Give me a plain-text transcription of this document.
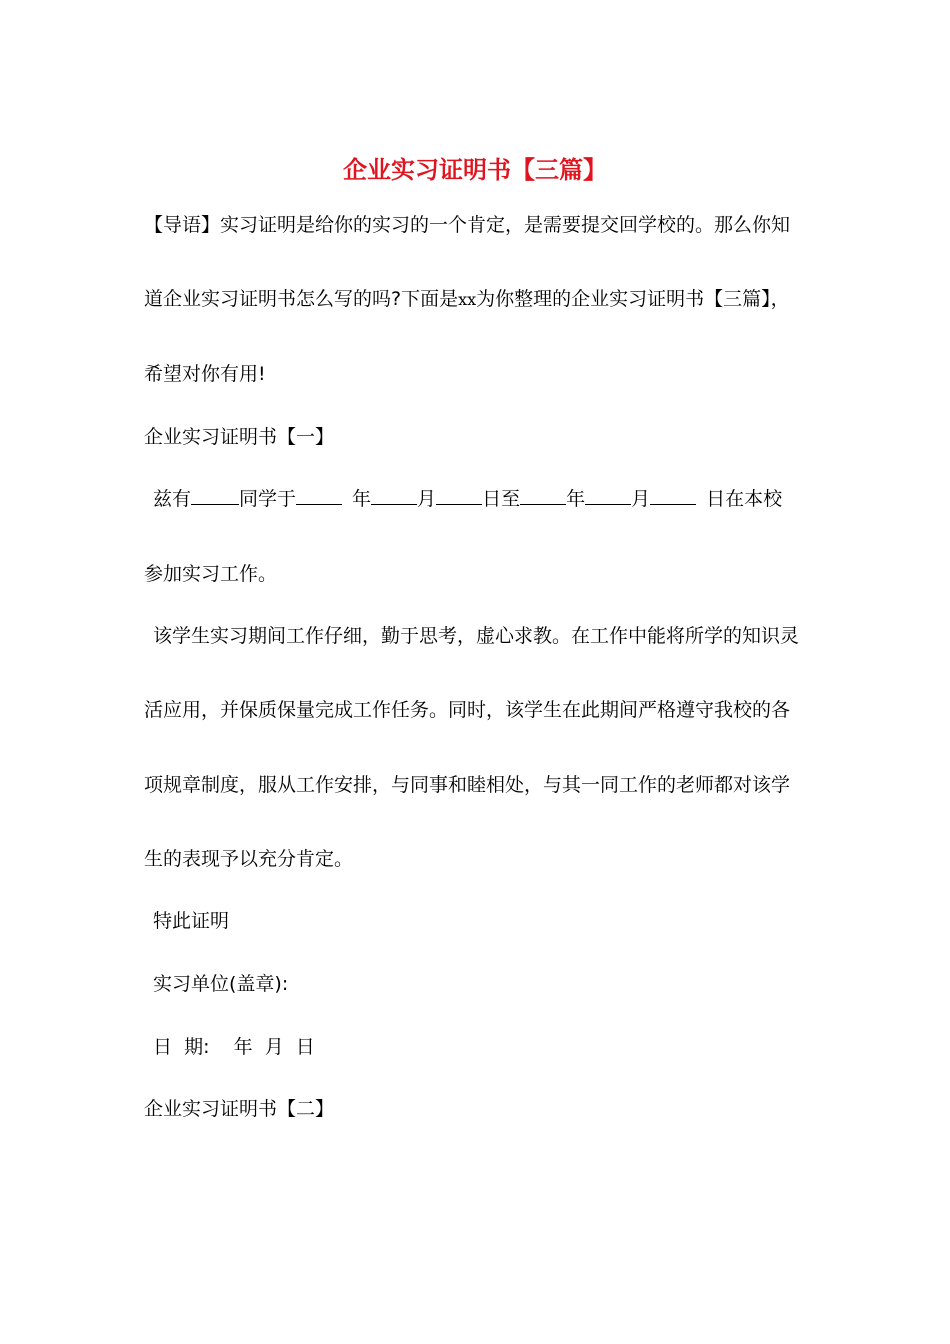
企业实习证明书【三篇】
【导语】实习证明是给你的实习的一个肯定，是需要提交回学校的。那么你知
道企业实习证明书怎么写的吗?下面是xx为你整理的企业实习证明书【三篇】，
希望对你有用!
企业实习证明书【一】
兹有	同学于	年 月 日至 年 月	日在本校
参加实习工作。
该学生实习期间工作仔细，勤于思考，虚心求教。在工作中能将所学的知识灵
活应用，并保质保量完成工作任务。同时，该学生在此期间严格遵守我校的各
项规章制度，服从工作安排，与同事和睦相处，与其一同工作的老师都对该学
生的表现予以充分肯定。
特此证明
实习单位(盖章):
日  期:    年  月  日
企业实习证明书【二】
